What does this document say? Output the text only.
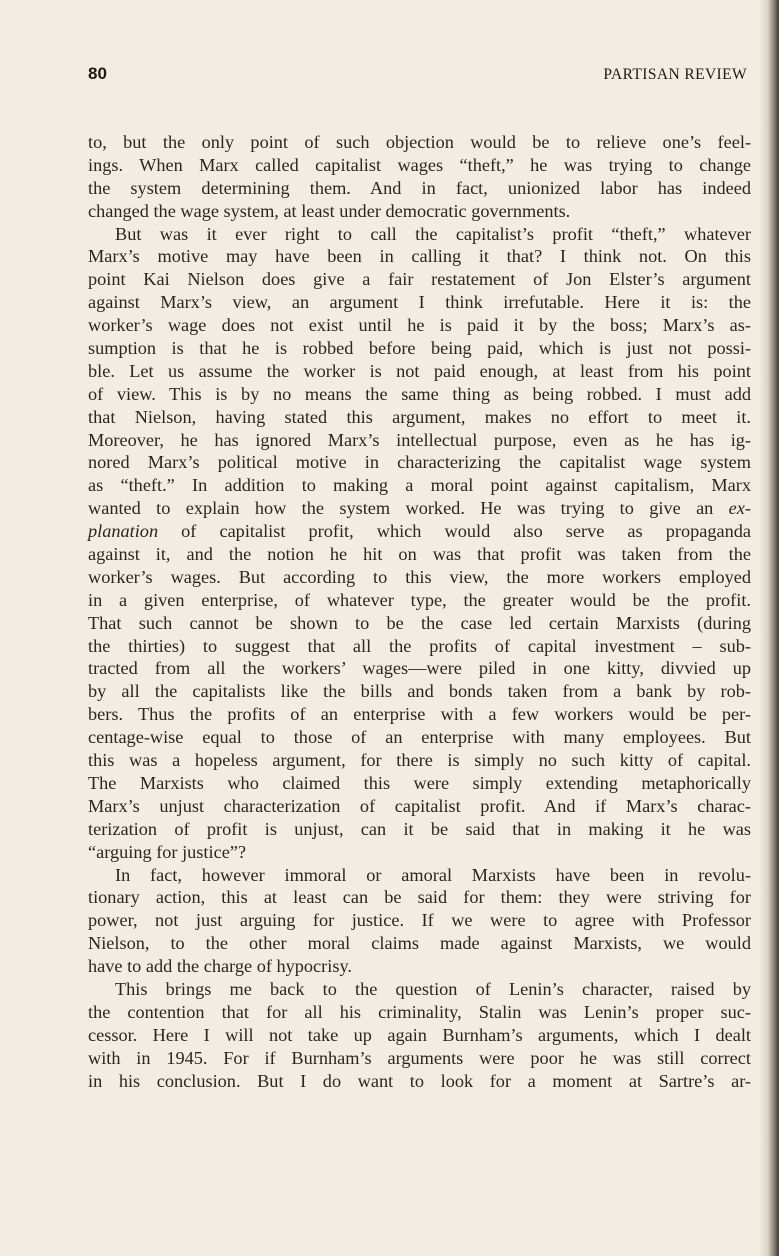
80	PARTISAN REVIEW
to, but the only point of such objection would be to relieve one’s feel-
ings. When Marx called capitalist wages “theft,” he was trying to change
the system determining them. And in fact, unionized labor has indeed
changed the wage system, at least under democratic governments.
But was it ever right to call the capitalist’s profit “theft,” whatever
Marx’s motive may have been in calling it that? I think not. On this
point Kai Nielson does give a fair restatement of Jon Elster’s argument
against Marx’s view, an argument I think irrefutable. Here it is: the
worker’s wage does not exist until he is paid it by the boss; Marx’s as-
sumption is that he is robbed before being paid, which is just not possi-
ble. Let us assume the worker is not paid enough, at least from his point
of view. This is by no means the same thing as being robbed. I must add
that Nielson, having stated this argument, makes no effort to meet it.
Moreover, he has ignored Marx’s intellectual purpose, even as he has ig-
nored Marx’s political motive in characterizing the capitalist wage system
as “theft.” In addition to making a moral point against capitalism, Marx
wanted to explain how the system worked. He was trying to give an ex-
planation of capitalist profit, which would also serve as propaganda
against it, and the notion he hit on was that profit was taken from the
worker’s wages. But according to this view, the more workers employed
in a given enterprise, of whatever type, the greater would be the profit.
That such cannot be shown to be the case led certain Marxists (during
the thirties) to suggest that all the profits of capital investment – sub-
tracted from all the workers’ wages—were piled in one kitty, divvied up
by all the capitalists like the bills and bonds taken from a bank by rob-
bers. Thus the profits of an enterprise with a few workers would be per-
centage-wise equal to those of an enterprise with many employees. But
this was a hopeless argument, for there is simply no such kitty of capital.
The Marxists who claimed this were simply extending metaphorically
Marx’s unjust characterization of capitalist profit. And if Marx’s charac-
terization of profit is unjust, can it be said that in making it he was
“arguing for justice”?
In fact, however immoral or amoral Marxists have been in revolu-
tionary action, this at least can be said for them: they were striving for
power, not just arguing for justice. If we were to agree with Professor
Nielson, to the other moral claims made against Marxists, we would
have to add the charge of hypocrisy.
This brings me back to the question of Lenin’s character, raised by
the contention that for all his criminality, Stalin was Lenin’s proper suc-
cessor. Here I will not take up again Burnham’s arguments, which I dealt
with in 1945. For if Burnham’s arguments were poor he was still correct
in his conclusion. But I do want to look for a moment at Sartre’s ar-
